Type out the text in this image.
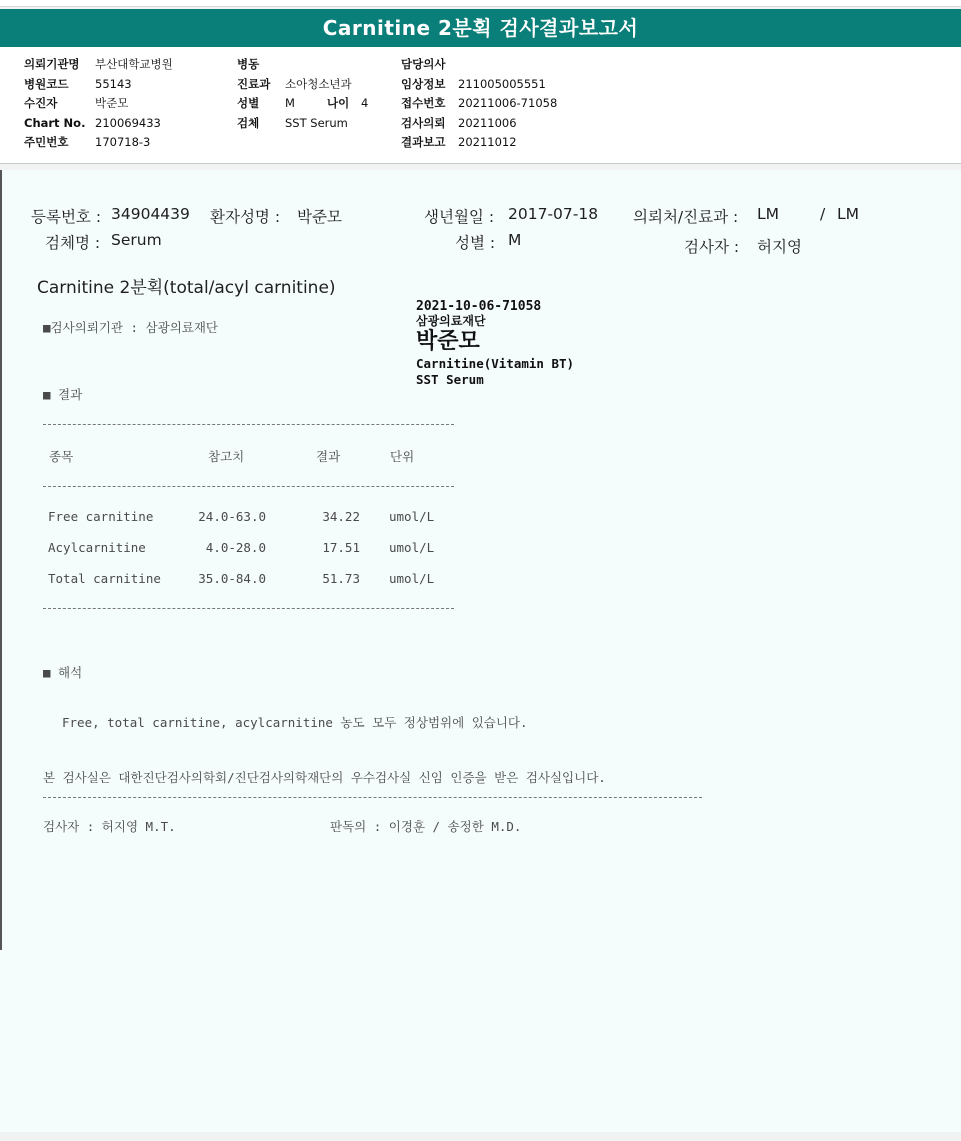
Carnitine 2분획 검사결과보고서
의뢰기관명 부산대학교병원
병원코드 55143
수진자	박준모
Chart No. 210069433
주민번호 170718-3
병동
진료과 소아청소년과
성별 M	나이 4
검체 SST Serum
담당의사
임상정보 211005005551
접수번호 20211006-71058
검사의뢰 20211006
결과보고 20211012
등록번호 : 34904439 환자성명 : 박준모	생년월일 : 2017-07-18 의뢰처/진료과 : LM	/ LM
검체명 : Serum	성별 : M	검사자 : 허지영
Carnitine 2분획(total/acyl carnitine)
■검사의뢰기관 : 삼광의료재단
2021-10-06-71058
삼광의료재단
박준모
Carnitine(Vitamin BT)
SST Serum
■ 결과
종목	참고치	결과	단위
Free carnitine	24.0-63.0	34.22 umol/L
Acylcarnitine	4.0-28.0	17.51 umol/L
Total carnitine	35.0-84.0	51.73 umol/L
■ 해석
Free, total carnitine, acylcarnitine 농도 모두 정상범위에 있습니다.
본 검사실은 대한진단검사의학회/진단검사의학재단의 우수검사실 신임 인증을 받은 검사실입니다.
검사자 : 허지영 M.T.	판독의 : 이경훈 / 송정한 M.D.
